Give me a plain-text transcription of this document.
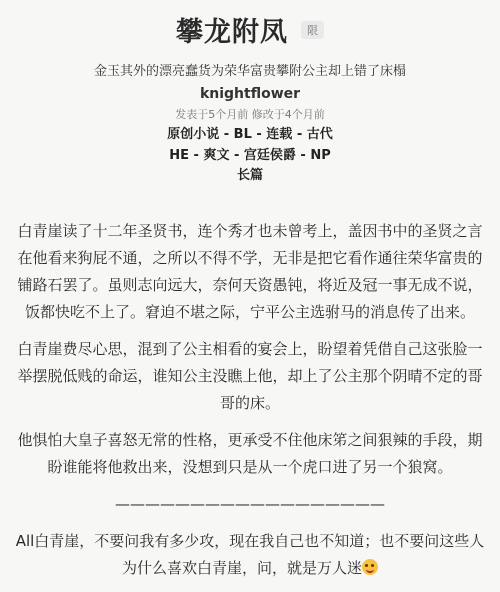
攀龙附凤 限
金玉其外的漂亮蠢货为荣华富贵攀附公主却上错了床榻
knightflower
发表于5个月前 修改于4个月前
原创小说 - BL - 连载 - 古代
HE - 爽文 - 宫廷侯爵 - NP
长篇

白青崖读了十二年圣贤书，连个秀才也未曾考上，盖因书中的圣贤之言在他看来狗屁不通，之所以不得不学，无非是把它看作通往荣华富贵的铺路石罢了。虽则志向远大，奈何天资愚钝，将近及冠一事无成不说，饭都快吃不上了。窘迫不堪之际，宁平公主选驸马的消息传了出来。

白青崖费尽心思，混到了公主相看的宴会上，盼望着凭借自己这张脸一举摆脱低贱的命运，谁知公主没瞧上他，却上了公主那个阴晴不定的哥哥的床。

他惧怕大皇子喜怒无常的性格，更承受不住他床笫之间狠辣的手段，期盼谁能将他救出来，没想到只是从一个虎口进了另一个狼窝。

——————————————————

All白青崖，不要问我有多少攻，现在我自己也不知道；也不要问这些人为什么喜欢白青崖，问，就是万人迷
